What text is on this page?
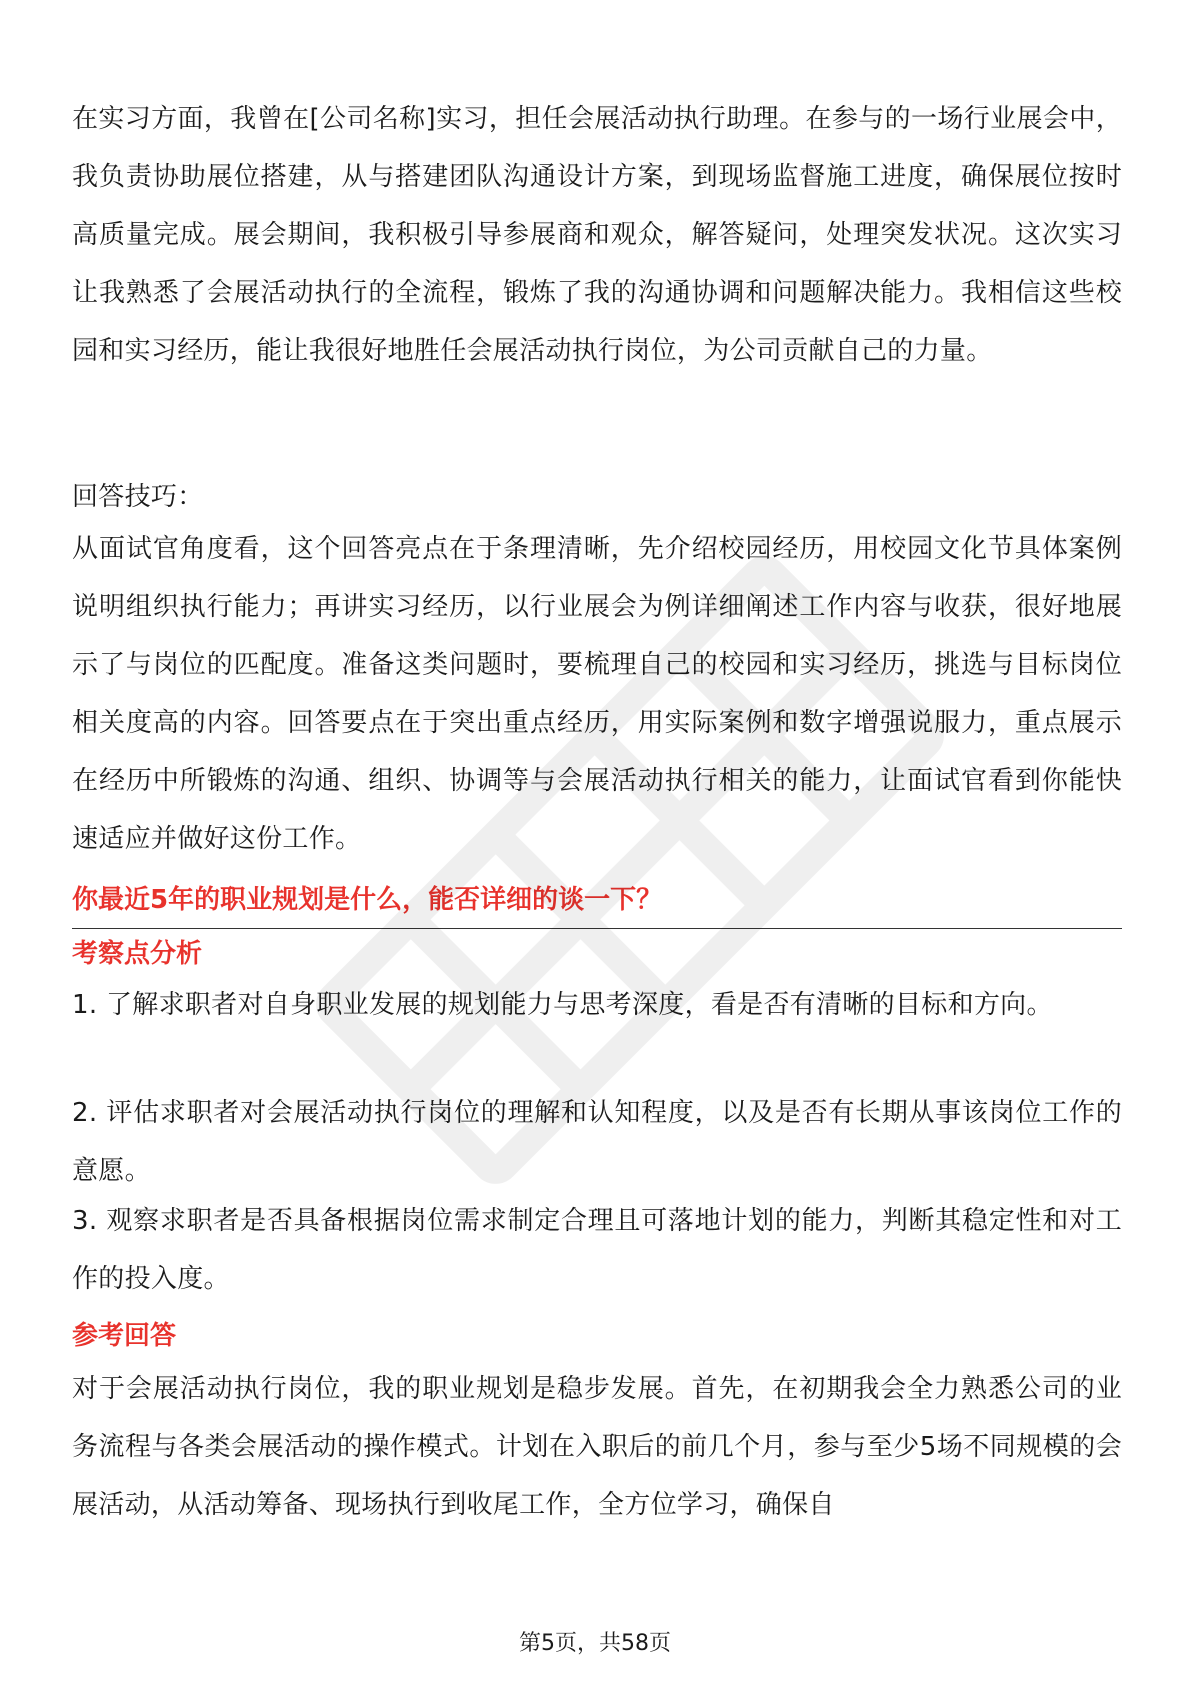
在实习方面，我曾在[公司名称]实习，担任会展活动执行助理。在参与的一场行业展会中，我负责协助展位搭建，从与搭建团队沟通设计方案，到现场监督施工进度，确保展位按时高质量完成。展会期间，我积极引导参展商和观众，解答疑问，处理突发状况。这次实习让我熟悉了会展活动执行的全流程，锻炼了我的沟通协调和问题解决能力。我相信这些校园和实习经历，能让我很好地胜任会展活动执行岗位，为公司贡献自己的力量。

回答技巧：

从面试官角度看，这个回答亮点在于条理清晰，先介绍校园经历，用校园文化节具体案例说明组织执行能力；再讲实习经历，以行业展会为例详细阐述工作内容与收获，很好地展示了与岗位的匹配度。准备这类问题时，要梳理自己的校园和实习经历，挑选与目标岗位相关度高的内容。回答要点在于突出重点经历，用实际案例和数字增强说服力，重点展示在经历中所锻炼的沟通、组织、协调等与会展活动执行相关的能力，让面试官看到你能快速适应并做好这份工作。

你最近5年的职业规划是什么，能否详细的谈一下？

考察点分析

1. 了解求职者对自身职业发展的规划能力与思考深度，看是否有清晰的目标和方向。

2. 评估求职者对会展活动执行岗位的理解和认知程度，以及是否有长期从事该岗位工作的意愿。

3. 观察求职者是否具备根据岗位需求制定合理且可落地计划的能力，判断其稳定性和对工作的投入度。

参考回答

对于会展活动执行岗位，我的职业规划是稳步发展。首先，在初期我会全力熟悉公司的业务流程与各类会展活动的操作模式。计划在入职后的前几个月，参与至少5场不同规模的会展活动，从活动筹备、现场执行到收尾工作，全方位学习，确保自

第5页，共58页
